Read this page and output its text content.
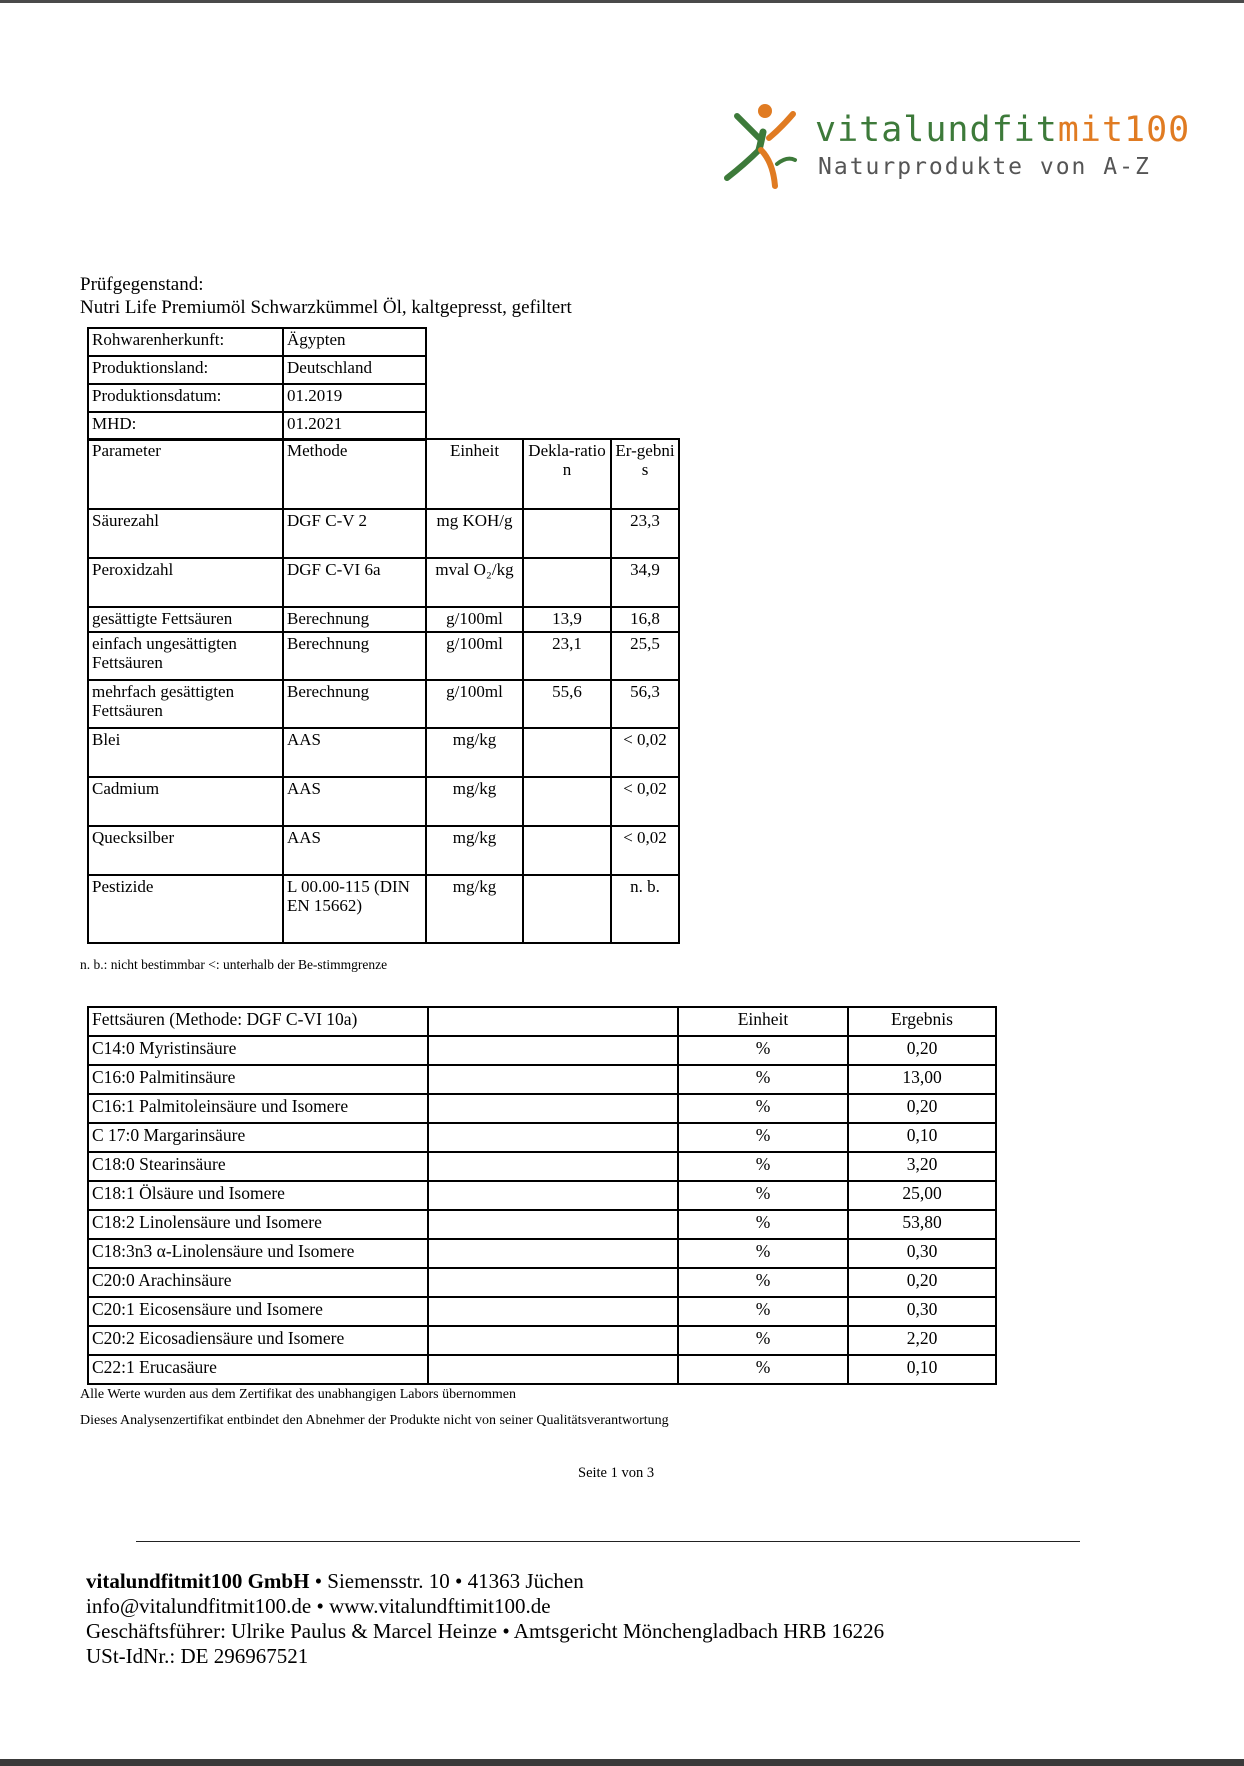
vitalundfitmit100
Naturprodukte von A-Z
Prüfgegenstand:
Nutri Life Premiumöl Schwarzkümmel Öl, kaltgepresst, gefiltert
Rohwarenherkunft:	Ägypten
Produktionsland:	Deutschland
Produktionsdatum:	01.2019
MHD:	01.2021
Parameter	Methode	Einheit	Dekla-ration	Er-gebnis
Säurezahl	DGF C-V 2	mg KOH/g		23,3
Peroxidzahl	DGF C-VI 6a	mval O₂/kg		34,9
gesättigte Fettsäuren	Berechnung	g/100ml	13,9	16,8
einfach ungesättigten Fettsäuren	Berechnung	g/100ml	23,1	25,5
mehrfach gesättigten Fettsäuren	Berechnung	g/100ml	55,6	56,3
Blei	AAS	mg/kg		< 0,02
Cadmium	AAS	mg/kg		< 0,02
Quecksilber	AAS	mg/kg		< 0,02
Pestizide	L 00.00-115 (DIN EN 15662)	mg/kg		n. b.
n. b.: nicht bestimmbar <: unterhalb der Be-stimmgrenze
Fettsäuren (Methode: DGF C-VI 10a)		Einheit	Ergebnis
C14:0 Myristinsäure		%	0,20
C16:0 Palmitinsäure		%	13,00
C16:1 Palmitoleinsäure und Isomere		%	0,20
C 17:0 Margarinsäure		%	0,10
C18:0 Stearinsäure		%	3,20
C18:1 Ölsäure und Isomere		%	25,00
C18:2 Linolensäure und Isomere		%	53,80
C18:3n3 α-Linolensäure und Isomere		%	0,30
C20:0 Arachinsäure		%	0,20
C20:1 Eicosensäure und Isomere		%	0,30
C20:2 Eicosadiensäure und Isomere		%	2,20
C22:1 Erucasäure		%	0,10
Alle Werte wurden aus dem Zertifikat des unabhangigen Labors übernommen
Dieses Analysenzertifikat entbindet den Abnehmer der Produkte nicht von seiner Qualitätsverantwortung
Seite 1 von 3
vitalundfitmit100 GmbH • Siemensstr. 10 • 41363 Jüchen
info@vitalundfitmit100.de • www.vitalundftimit100.de
Geschäftsführer: Ulrike Paulus & Marcel Heinze • Amtsgericht Mönchengladbach HRB 16226
USt-IdNr.: DE 296967521
